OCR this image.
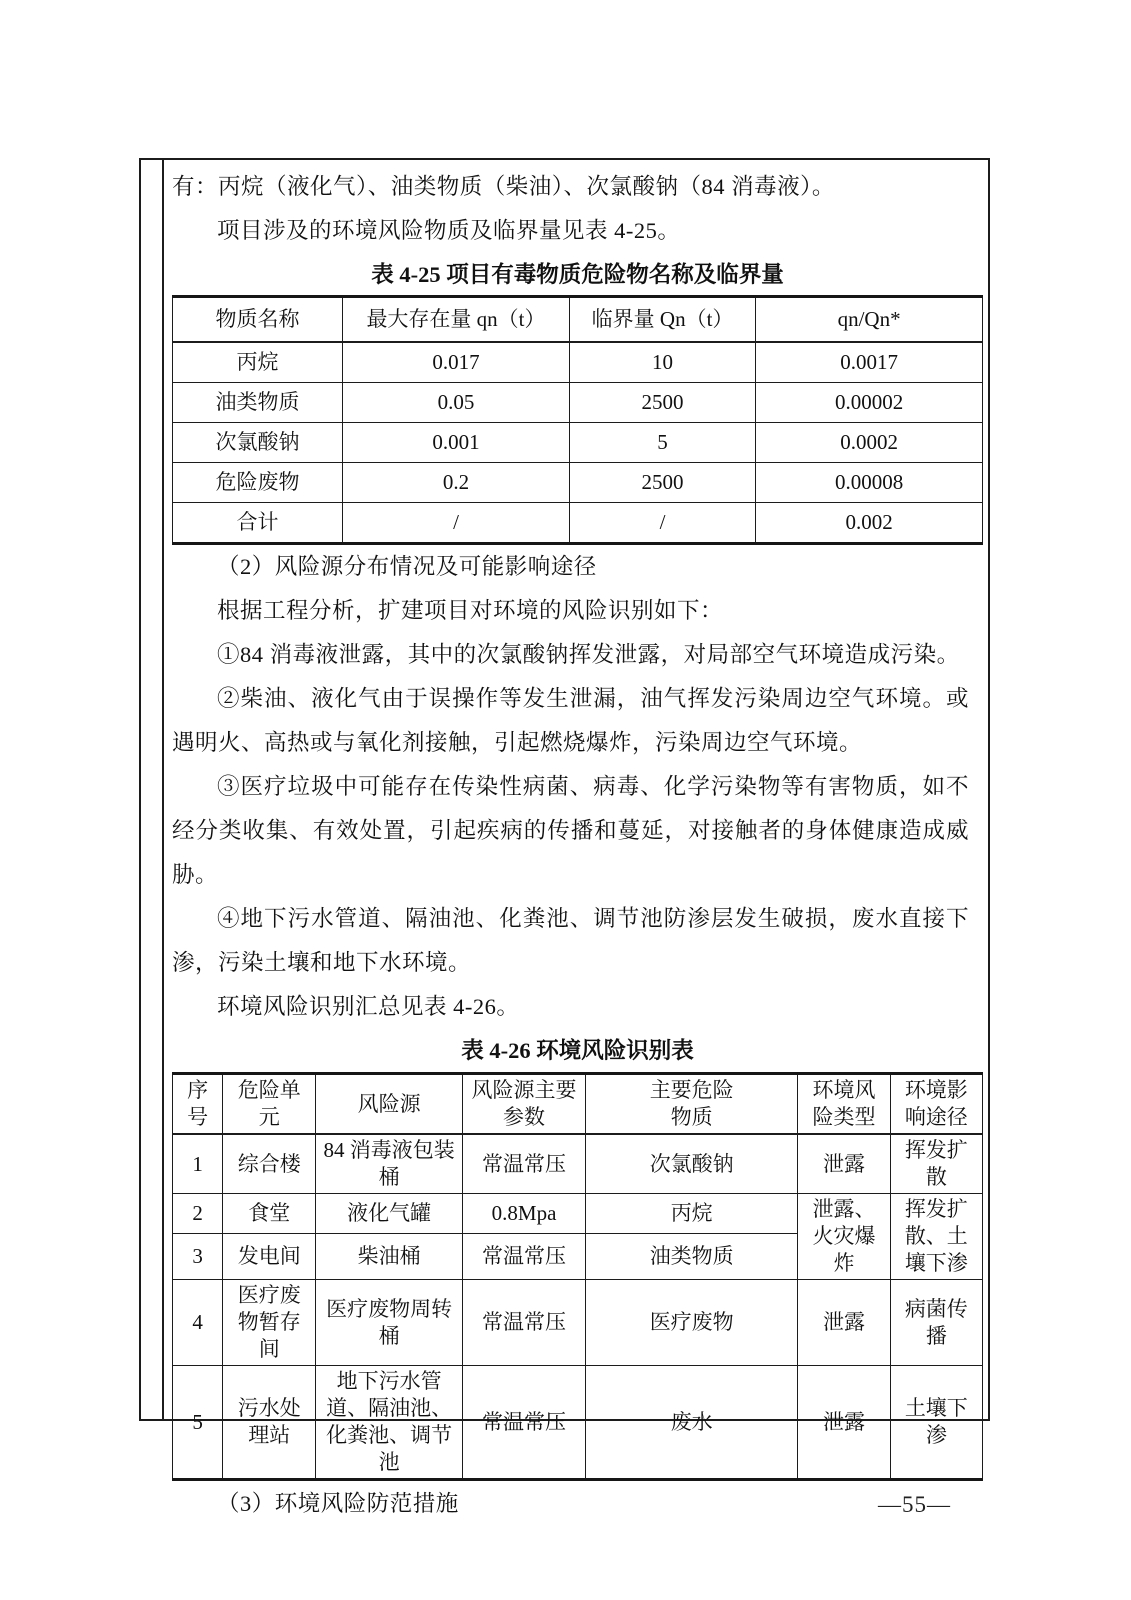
有：丙烷（液化气）、油类物质（柴油）、次氯酸钠（84 消毒液）。

项目涉及的环境风险物质及临界量见表 4-25。

表 4-25 项目有毒物质危险物名称及临界量
物质名称	最大存在量 qn（t）	临界量 Qn（t）	qn/Qn*
丙烷	0.017	10	0.0017
油类物质	0.05	2500	0.00002
次氯酸钠	0.001	5	0.0002
危险废物	0.2	2500	0.00008
合计	/	/	0.002

（2）风险源分布情况及可能影响途径

根据工程分析，扩建项目对环境的风险识别如下：

①84 消毒液泄露，其中的次氯酸钠挥发泄露，对局部空气环境造成污染。

②柴油、液化气由于误操作等发生泄漏，油气挥发污染周边空气环境。或遇明火、高热或与氧化剂接触，引起燃烧爆炸，污染周边空气环境。

③医疗垃圾中可能存在传染性病菌、病毒、化学污染物等有害物质，如不经分类收集、有效处置，引起疾病的传播和蔓延，对接触者的身体健康造成威胁。

④地下污水管道、隔油池、化粪池、调节池防渗层发生破损，废水直接下渗，污染土壤和地下水环境。

环境风险识别汇总见表 4-26。

表 4-26 环境风险识别表
序号	危险单元	风险源	风险源主要参数	主要危险物质	环境风险类型	环境影响途径
1	综合楼	84 消毒液包装桶	常温常压	次氯酸钠	泄露	挥发扩散
2	食堂	液化气罐	0.8Mpa	丙烷	泄露、火灾爆炸	挥发扩散、土壤下渗
3	发电间	柴油桶	常温常压	油类物质		
4	医疗废物暂存间	医疗废物周转桶	常温常压	医疗废物	泄露	病菌传播
5	污水处理站	地下污水管道、隔油池、化粪池、调节池	常温常压	废水	泄露	土壤下渗

（3）环境风险防范措施	—55—
